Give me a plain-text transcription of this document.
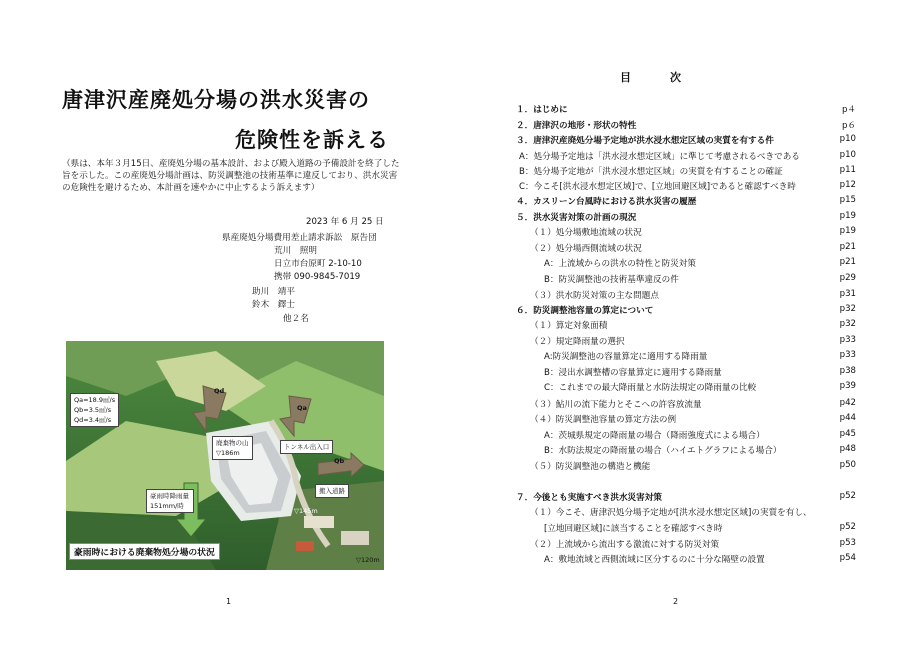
唐津沢産廃処分場の洪水災害の
危険性を訴える
（県は、本年３月15日、産廃処分場の基本設計、および殿入道路の予備設計を終了した旨を示した。この産廃処分場計画は、防災調整池の技術基準に違反しており、洪水災害の危険性を避けるため、本計画を速やかに中止するよう訴えます）
2023 年 6 月 25 日
県産廃処分場費用差止請求訴訟　原告団
荒川　照明
日立市台原町 2-10-10
携帯 090-9845-7019
助川　靖平
鈴木　鐸士
他２名
Qd
Qa
Qb
Qa=18.9㎥/s
Qb=3.5㎥/s
Qd=3.4㎥/s
廃棄物の山
▽186m
トンネル出入口
搬入道路
豪雨時降雨量
151mm/時
▽145m
▽120m
豪雨時における廃棄物処分場の状況
1
目　次
１．はじめに	p４
２．唐津沢の地形・形状の特性	p６
３．唐津沢産廃処分場予定地が洪水浸水想定区域の実質を有する件	p10
A：処分場予定地は「洪水浸水想定区域」に準じて考慮されるべきである	p10
B：処分場予定地が「洪水浸水想定区域」の実質を有することの確証	p11
C：今こそ[洪水浸水想定区域]で、[立地回避区域]であると確認すべき時	p12
４．カスリーン台風時における洪水災害の履歴	p15
５．洪水災害対策の計画の現況	p19
（１）処分場敷地流域の状況	p19
（２）処分場西側流域の状況	p21
A：上流域からの洪水の特性と防災対策	p21
B：防災調整池の技術基準違反の件	p29
（３）洪水防災対策の主な問題点	p31
６．防災調整池容量の算定について	p32
（１）算定対象面積	p32
（２）規定降雨量の選択	p33
A:防災調整池の容量算定に適用する降雨量	p33
B：浸出水調整槽の容量算定に適用する降雨量	p38
C：これまでの最大降雨量と水防法規定の降雨量の比較	p39
（３）鮎川の流下能力とそこへの許容放流量	p42
（４）防災調整池容量の算定方法の例	p44
A：茨城県規定の降雨量の場合（降雨強度式による場合）	p45
B：水防法規定の降雨量の場合（ハイエトグラフによる場合）	p48
（５）防災調整池の構造と機能	p50
７．今後とも実施すべき洪水災害対策	p52
（１）今こそ、唐津沢処分場予定地が[洪水浸水想定区域]の実質を有し、
[立地回避区域]に該当することを確認すべき時	p52
（２）上流域から流出する激流に対する防災対策	p53
A：敷地流域と西側流域に区分するのに十分な隔壁の設置	p54
2
